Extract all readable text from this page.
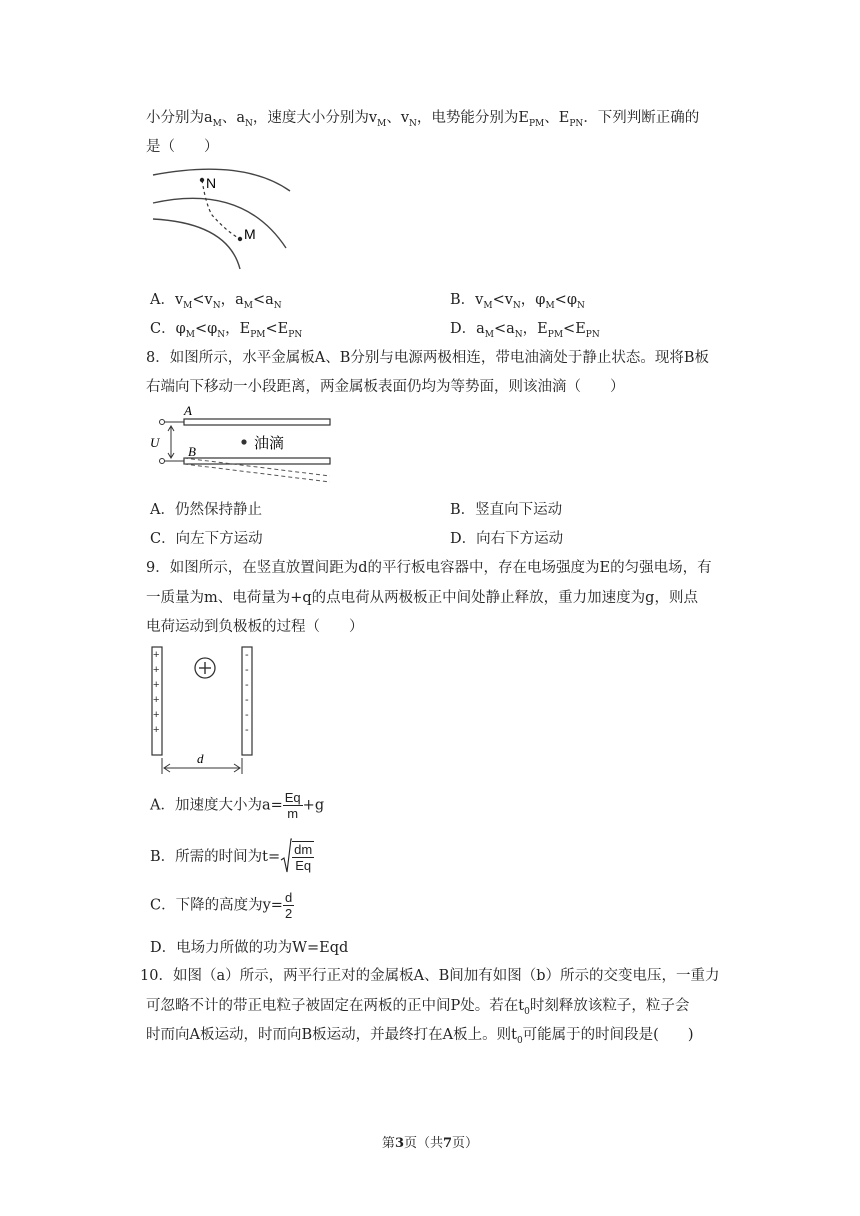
小分别为$a_M$、$a_N$，速度大小分别为$v_M$、$v_N$，电势能分别为$E_{PM}$、$E_{PN}$．下列判断正确的
是（　　）
N
M
A．$v_M<v_N$，$a_M<a_N$	B．$v_M<v_N$，$\varphi_M<\varphi_N$
C．$\varphi_M<\varphi_N$，$E_{PM}<E_{PN}$	D．$a_M<a_N$，$E_{PM}<E_{PN}$
8．如图所示，水平金属板A、B分别与电源两极相连，带电油滴处于静止状态。现将B板
右端向下移动一小段距离，两金属板表面仍均为等势面，则该油滴（　　）
A
B
U	油滴
A．仍然保持静止	B．竖直向下运动
C．向左下方运动	D．向右下方运动
9．如图所示，在竖直放置间距为d的平行板电容器中，存在电场强度为E的匀强电场，有
一质量为m、电荷量为+q的点电荷从两极板正中间处静止释放，重力加速度为g，则点
电荷运动到负极板的过程（　　）
+
+
+
+
+
+
-
-
-
-
-
-
d
A．加速度大小为$a= \frac{Eq}{m} +g$
B．所需的时间为$t= \frac{dm}{Eq}$
C．下降的高度为$y= \frac{d}{2}$
D．电场力所做的功为W=Eqd
10．如图（a）所示，两平行正对的金属板A、B间加有如图（b）所示的交变电压，一重力
可忽略不计的带正电粒子被固定在两板的正中间P处。若在$t_0$时刻释放该粒子，粒子会
时而向A板运动，时而向B板运动，并最终打在A板上。则$t_0$可能属于的时间段是(　　)
第3页（共7页）
